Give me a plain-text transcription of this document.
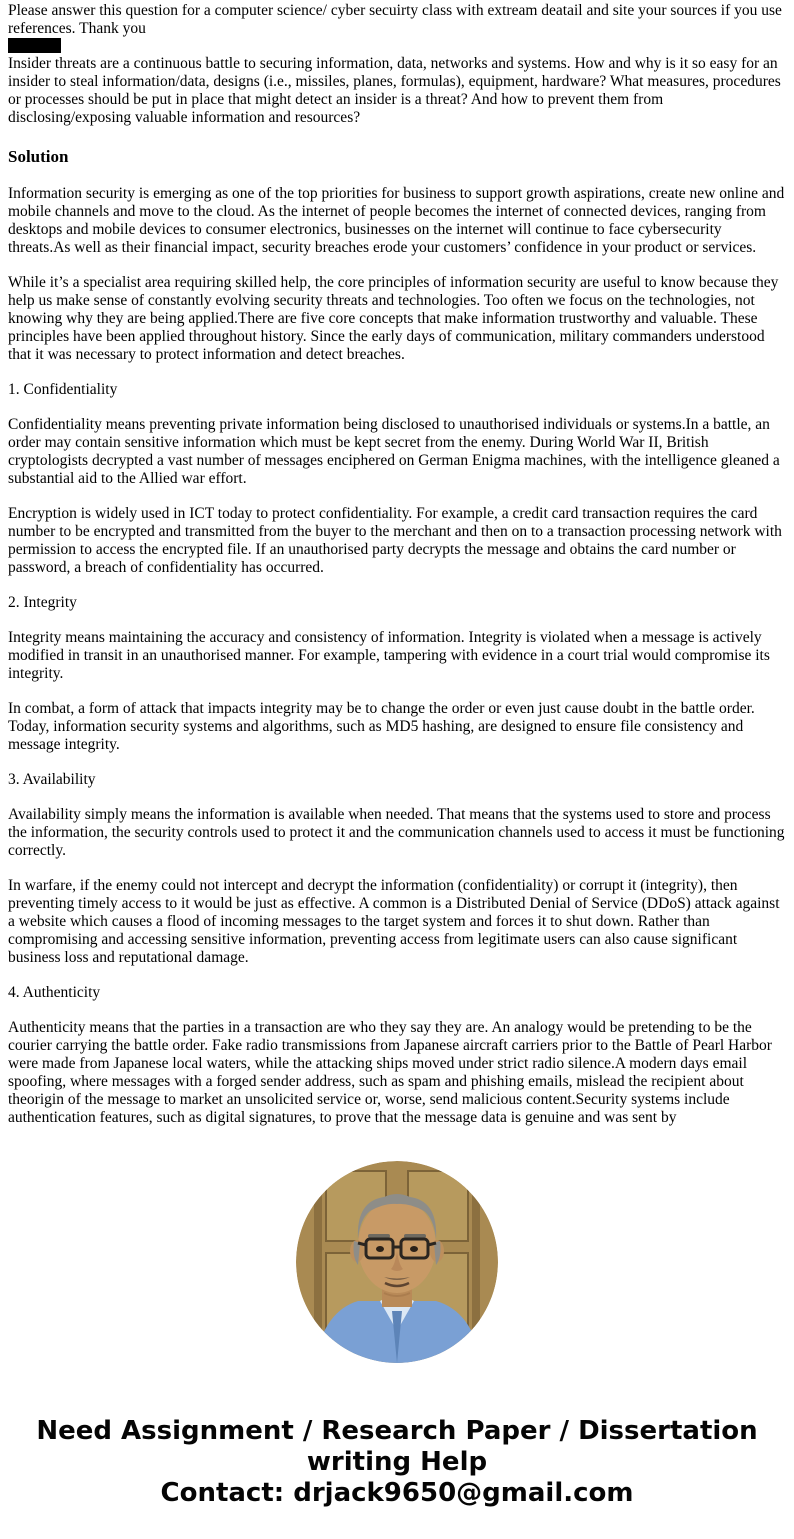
Please answer this question for a computer science/ cyber secuirty class with extream deatail and site your sources if you use references. Thank you

Insider threats are a continuous battle to securing information, data, networks and systems. How and why is it so easy for an insider to steal information/data, designs (i.e., missiles, planes, formulas), equipment, hardware? What measures, procedures or processes should be put in place that might detect an insider is a threat? And how to prevent them from disclosing/exposing valuable information and resources?

Solution

Information security is emerging as one of the top priorities for business to support growth aspirations, create new online and mobile channels and move to the cloud. As the internet of people becomes the internet of connected devices, ranging from desktops and mobile devices to consumer electronics, businesses on the internet will continue to face cybersecurity threats.As well as their financial impact, security breaches erode your customers’ confidence in your product or services.

While it’s a specialist area requiring skilled help, the core principles of information security are useful to know because they help us make sense of constantly evolving security threats and technologies. Too often we focus on the technologies, not knowing why they are being applied.There are five core concepts that make information trustworthy and valuable. These principles have been applied throughout history. Since the early days of communication, military commanders understood that it was necessary to protect information and detect breaches.

1. Confidentiality

Confidentiality means preventing private information being disclosed to unauthorised individuals or systems.In a battle, an order may contain sensitive information which must be kept secret from the enemy. During World War II, British cryptologists decrypted a vast number of messages enciphered on German Enigma machines, with the intelligence gleaned a substantial aid to the Allied war effort.

Encryption is widely used in ICT today to protect confidentiality. For example, a credit card transaction requires the card number to be encrypted and transmitted from the buyer to the merchant and then on to a transaction processing network with permission to access the encrypted file. If an unauthorised party decrypts the message and obtains the card number or password, a breach of confidentiality has occurred.

2. Integrity

Integrity means maintaining the accuracy and consistency of information. Integrity is violated when a message is actively modified in transit in an unauthorised manner. For example, tampering with evidence in a court trial would compromise its integrity.

In combat, a form of attack that impacts integrity may be to change the order or even just cause doubt in the battle order. Today, information security systems and algorithms, such as MD5 hashing, are designed to ensure file consistency and message integrity.

3. Availability

Availability simply means the information is available when needed. That means that the systems used to store and process the information, the security controls used to protect it and the communication channels used to access it must be functioning correctly.

In warfare, if the enemy could not intercept and decrypt the information (confidentiality) or corrupt it (integrity), then preventing timely access to it would be just as effective. A common is a Distributed Denial of Service (DDoS) attack against a website which causes a flood of incoming messages to the target system and forces it to shut down. Rather than compromising and accessing sensitive information, preventing access from legitimate users can also cause significant business loss and reputational damage.

4. Authenticity

Authenticity means that the parties in a transaction are who they say they are. An analogy would be pretending to be the courier carrying the battle order. Fake radio transmissions from Japanese aircraft carriers prior to the Battle of Pearl Harbor were made from Japanese local waters, while the attacking ships moved under strict radio silence.A modern days email spoofing, where messages with a forged sender address, such as spam and phishing emails, mislead the recipient about theorigin of the message to market an unsolicited service or, worse, send malicious content.Security systems include authentication features, such as digital signatures, to prove that the message data is genuine and was sent by

Need Assignment / Research Paper / Dissertation writing Help

Contact: drjack9650@gmail.com
